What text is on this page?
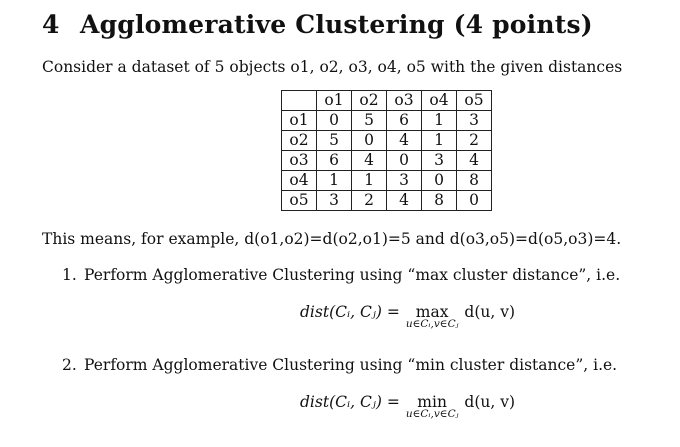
4 Agglomerative Clustering (4 points)
Consider a dataset of 5 objects o1, o2, o3, o4, o5 with the given distances
	o1	o2	o3	o4	o5
o1	0	5	6	1	3
o2	5	0	4	1	2
o3	6	4	0	3	4
o4	1	1	3	0	8
o5	3	2	4	8	0
This means, for example, d(o1,o2)=d(o2,o1)=5 and d(o3,o5)=d(o5,o3)=4.
1. Perform Agglomerative Clustering using “max cluster distance”, i.e.
dist(Cᵢ, Cⱼ) =	max
u∈Cᵢ,v∈Cⱼ
d(u, v)
2. Perform Agglomerative Clustering using “min cluster distance”, i.e.
dist(Cᵢ, Cⱼ) =	min
u∈Cᵢ,v∈Cⱼ
d(u, v)
